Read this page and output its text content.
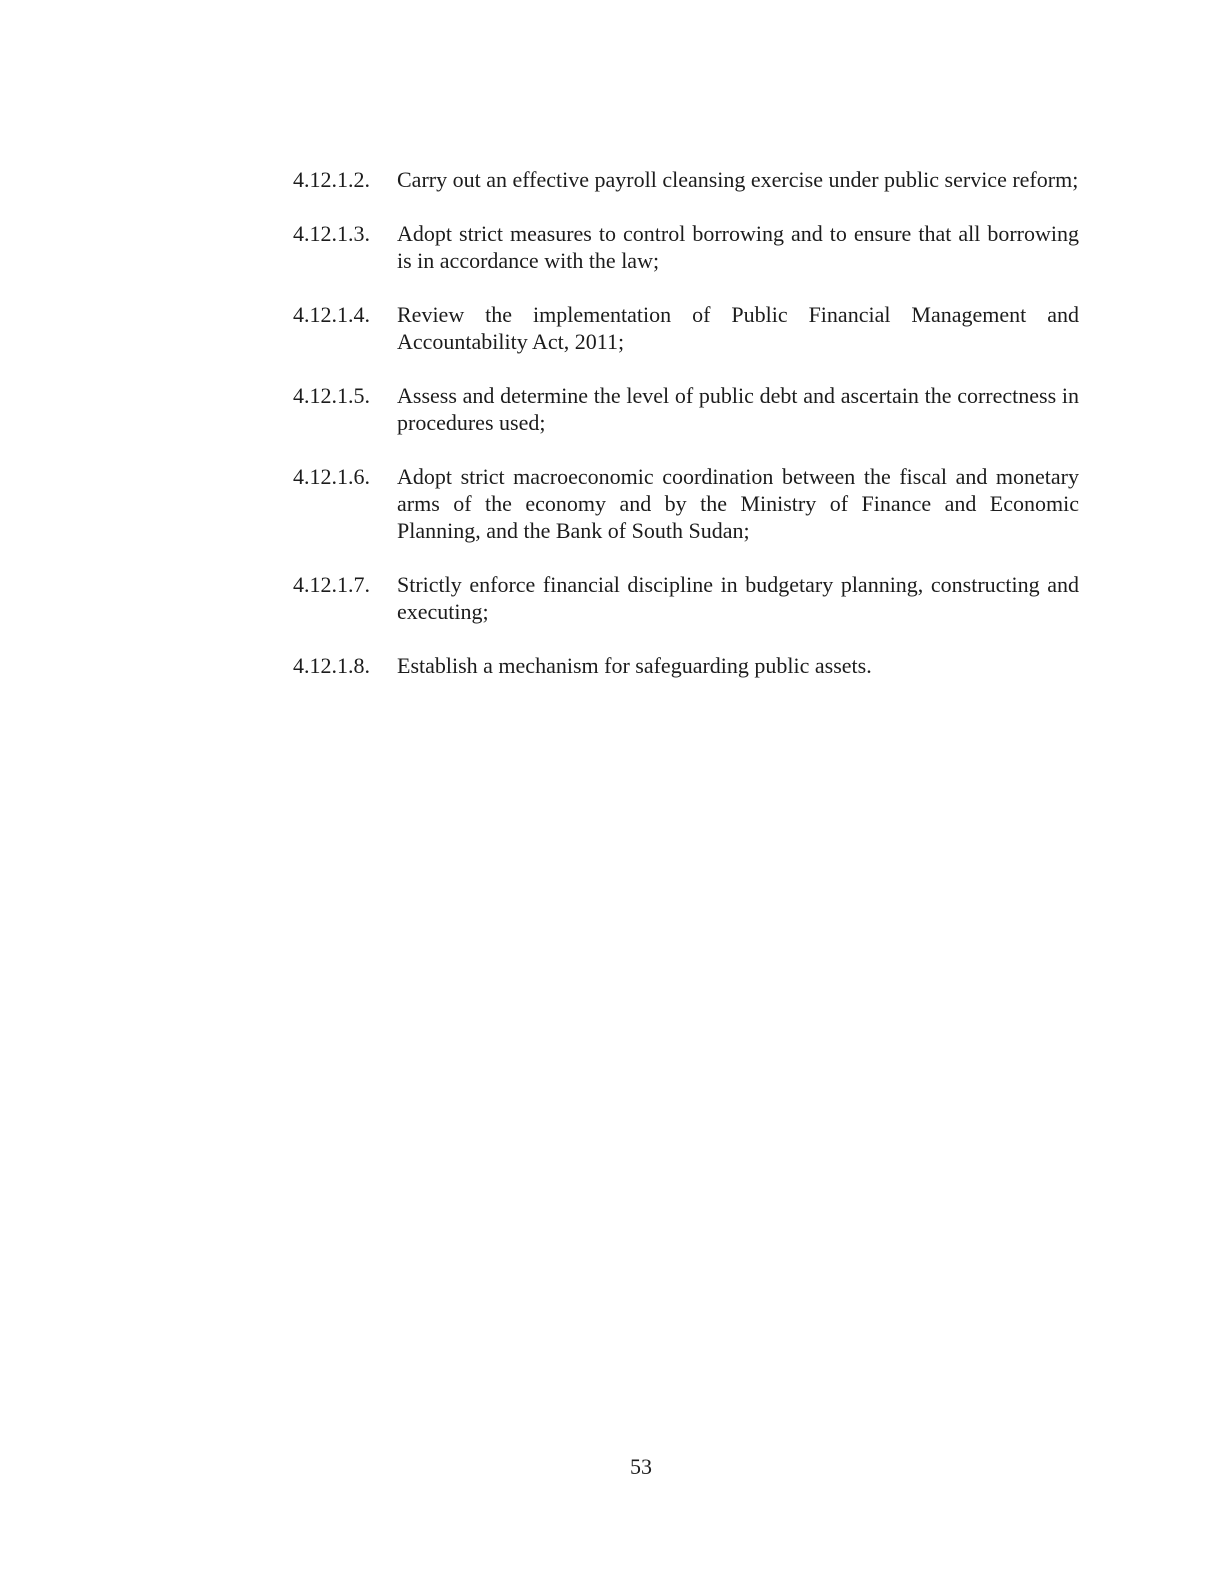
4.12.1.2.	Carry out an effective payroll cleansing exercise under public service reform;
4.12.1.3.	Adopt strict measures to control borrowing and to ensure that all borrowing is in accordance with the law;
4.12.1.4.	Review the implementation of Public Financial Management and Accountability Act, 2011;
4.12.1.5.	Assess and determine the level of public debt and ascertain the correctness in procedures used;
4.12.1.6.	Adopt strict macroeconomic coordination between the fiscal and monetary arms of the economy and by the Ministry of Finance and Economic Planning, and the Bank of South Sudan;
4.12.1.7.	Strictly enforce financial discipline in budgetary planning, constructing and executing;
4.12.1.8.	Establish a mechanism for safeguarding public assets.
53
